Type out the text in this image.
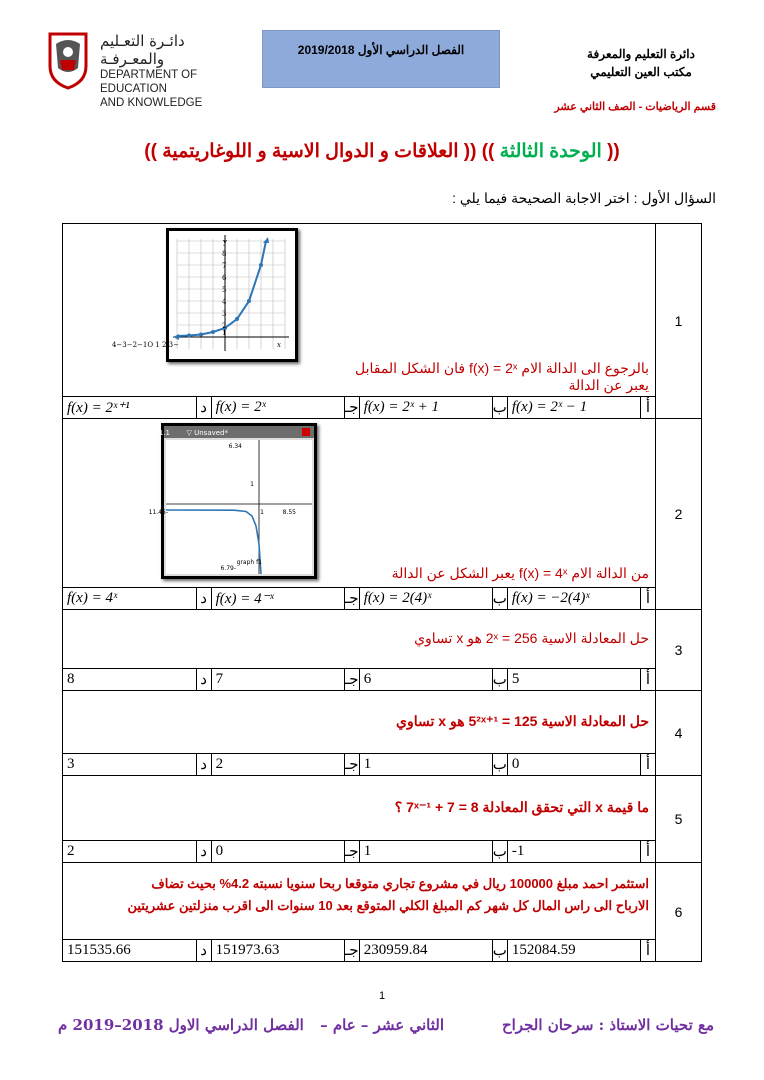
دائـرة التعـليم والمعـرفـة
DEPARTMENT OF EDUCATION
AND KNOWLEDGE
الفصل الدراسي الأول 2019/2018	دائرة التعليم والمعرفة
مكتب العين التعليمي
قسم الرياضيات - الصف الثاني عشر
(( الوحدة الثالثة )) (( العلاقات و الدوال الاسية و اللوغاريتمية ))
السؤال الأول : اختر الاجابة الصحيحة فيما يلي :
1	
y
8
7
6
5
4
3
2
1
−4−3−2−1O 1 2 3	x
بالرجوع الى الدالة الام f(x) = 2ˣ فان الشكل المقابل
يعبر عن الدالة
أ	f(x) = 2ˣ − 1	ب	f(x) = 2ˣ + 1	جـ	f(x) = 2ˣ	د	f(x) = 2ˣ⁺¹

2	
1.1 *Unsaved ▽
6.34
-11.45	8.55
1
1
-6.79
graph f1
من الدالة الام f(x) = 4ˣ يعبر الشكل عن الدالة
أ	f(x) = −2(4)ˣ	ب	f(x) = 2(4)ˣ	جـ	f(x) = 4⁻ˣ	د	f(x) = 4ˣ

3	
حل المعادلة الاسية 2ˣ = 256 هو x تساوي
أ	5	ب	6	جـ	7	د	8

4	
حل المعادلة الاسية 5²ˣ⁺¹ = 125 هو x تساوي
أ	0	ب	1	جـ	2	د	3

5	
ما قيمة x التي تحقق المعادلة 7ˣ⁻¹ + 7 = 8 ؟
أ	-1	ب	1	جـ	0	د	2

6	
استثمر احمد مبلغ 100000 ريال في مشروع تجاري متوقعا ربحا سنويا نسبته 4.2% بحيث تضاف
الارباح الى راس المال كل شهر كم المبلغ الكلي المتوقع بعد 10 سنوات الى اقرب منزلتين عشريتين
أ	152084.59	ب	230959.84	جـ	151973.63	د	151535.66
1
مع تحيات الاستاذ : سرحان الجراح
الثاني عشر – عام –
الفصل الدراسي الاول 2018–2019 م
